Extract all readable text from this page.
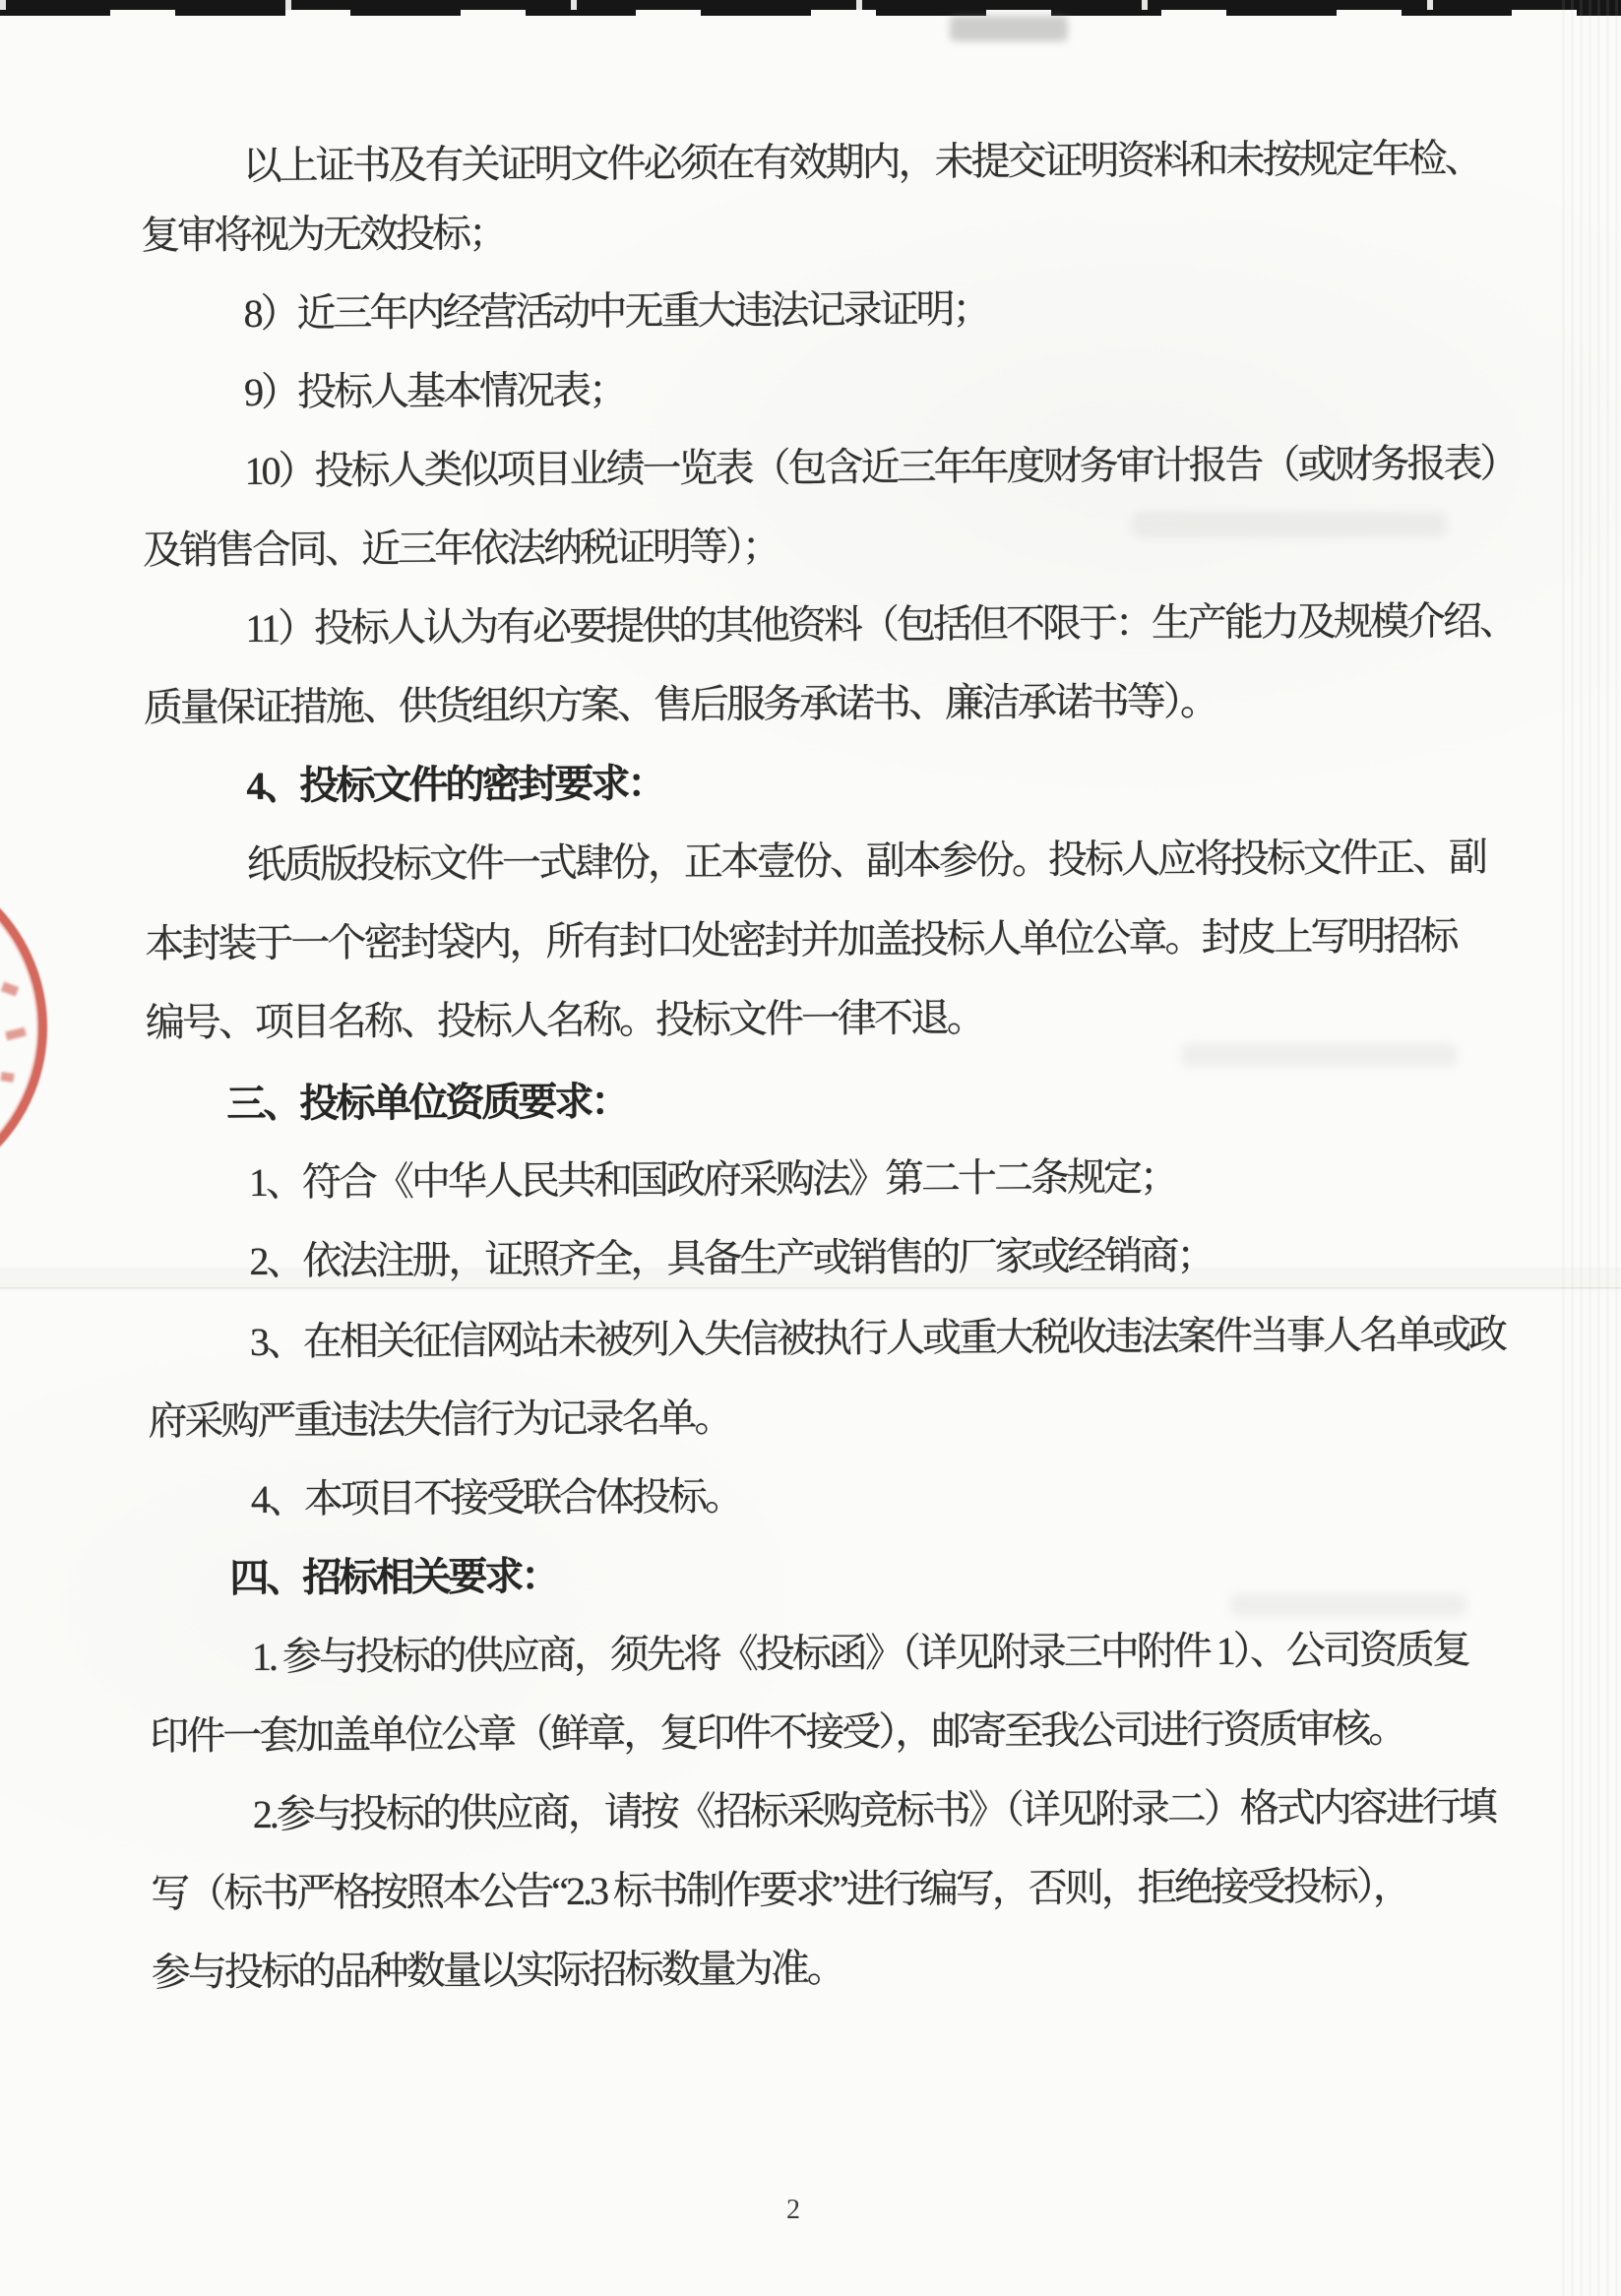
以上证书及有关证明文件必须在有效期内，未提交证明资料和未按规定年检、
复审将视为无效投标；
8）近三年内经营活动中无重大违法记录证明；
9）投标人基本情况表；
10）投标人类似项目业绩一览表（包含近三年年度财务审计报告（或财务报表）
及销售合同、近三年依法纳税证明等）；
11）投标人认为有必要提供的其他资料（包括但不限于：生产能力及规模介绍、
质量保证措施、供货组织方案、售后服务承诺书、廉洁承诺书等）。
4、投标文件的密封要求：
纸质版投标文件一式肆份，正本壹份、副本参份。投标人应将投标文件正、副
本封装于一个密封袋内，所有封口处密封并加盖投标人单位公章。封皮上写明招标
编号、项目名称、投标人名称。投标文件一律不退。
三、投标单位资质要求：
1、符合《中华人民共和国政府采购法》第二十二条规定；
2、依法注册，证照齐全，具备生产或销售的厂家或经销商；
3、在相关征信网站未被列入失信被执行人或重大税收违法案件当事人名单或政
府采购严重违法失信行为记录名单。
4、本项目不接受联合体投标。
四、招标相关要求：
1. 参与投标的供应商，须先将《投标函》（详见附录三中附件 1）、公司资质复
印件一套加盖单位公章（鲜章，复印件不接受），邮寄至我公司进行资质审核。
2.参与投标的供应商，请按《招标采购竞标书》（详见附录二）格式内容进行填
写（标书严格按照本公告“2.3 标书制作要求”进行编写，否则，拒绝接受投标），
参与投标的品种数量以实际招标数量为准。
2
